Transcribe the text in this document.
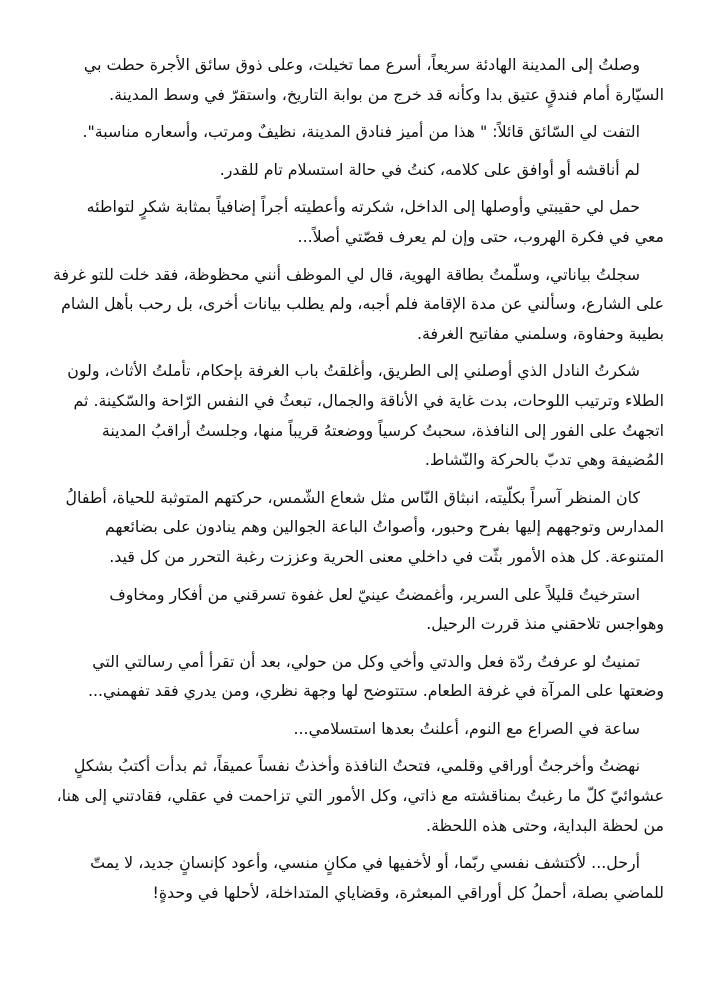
وصلتُ إلى المدينة الهادئة سريعاً، أسرع مما تخيلت، وعلى ذوق سائق الأجرة حطت بي
السيّارة أمام فندقٍ عتيق بدا وكأنه قد خرج من بوابة التاريخ، واستقرّ في وسط المدينة.

التفت لي السّائق قائلاً: " هذا من أميز فنادق المدينة، نظيفٌ ومرتب، وأسعاره مناسبة".

لم أناقشه أو أوافق على كلامه، كنتُ في حالة استسلام تام للقدر.

حمل لي حقيبتي وأوصلها إلى الداخل، شكرته وأعطيته أجراً إضافياً بمثابة شكرٍ لتواطئه
معي في فكرة الهروب، حتى وإن لم يعرف قصّتي أصلاً...

سجلتُ بياناتي، وسلّمتُ بطاقة الهوية، قال لي الموظف أنني محظوظة، فقد خلت للتو غرفة
على الشارع، وسألني عن مدة الإقامة فلم أجبه، ولم يطلب بيانات أخرى، بل رحب بأهل الشام
بطيبة وحفاوة، وسلمني مفاتيح الغرفة.

شكرتُ النادل الذي أوصلني إلى الطريق، وأغلقتُ باب الغرفة بإحكام، تأملتُ الأثاث، ولون
الطلاء وترتيب اللوحات، بدت غاية في الأناقة والجمال، تبعثُ في النفس الرّاحة والسّكينة. ثم
اتجهتُ على الفور إلى النافذة، سحبتُ كرسياً ووضعتهُ قريباً منها، وجلستُ أراقبُ المدينة
المُضيفة وهي تدبّ بالحركة والنّشاط.

كان المنظر آسراً بكلّيته، انبثاق النّاس مثل شعاع الشّمس، حركتهم المتوثبة للحياة، أطفالُ
المدارس وتوجههم إليها بفرح وحبور، وأصواتُ الباعة الجوالين وهم ينادون على بضائعهم
المتنوعة. كل هذه الأمور بثّت في داخلي معنى الحرية وعززت رغبة التحرر من كل قيد.

استرخيتُ قليلاً على السرير، وأغمضتُ عينيّ لعل غفوة تسرقني من أفكار ومخاوف
وهواجس تلاحقني منذ قررت الرحيل.

تمنيتُ لو عرفتُ ردّة فعل والدتي وأخي وكل من حولي، بعد أن تقرأ أمي رسالتي التي
وضعتها على المرآة في غرفة الطعام. ستتوضح لها وجهة نظري، ومن يدري فقد تفهمني...

ساعة في الصراع مع النوم، أعلنتُ بعدها استسلامي...

نهضتُ وأخرجتُ أوراقي وقلمي، فتحتُ النافذة وأخذتُ نفساً عميقاً، ثم بدأت أكتبُ بشكلٍ
عشوائيّ كلّ ما رغبتُ بمناقشته مع ذاتي، وكل الأمور التي تزاحمت في عقلي، فقادتني إلى هنا،
من لحظة البداية، وحتى هذه اللحظة.

أرحل... لأكتشف نفسي ربّما، أو لأخفيها في مكانٍ منسي، وأعود كإنسانٍ جديد، لا يمتّ
للماضي بصلة، أحملُ كل أوراقي المبعثرة، وقضاياي المتداخلة، لأحلها في وحدةٍ!
